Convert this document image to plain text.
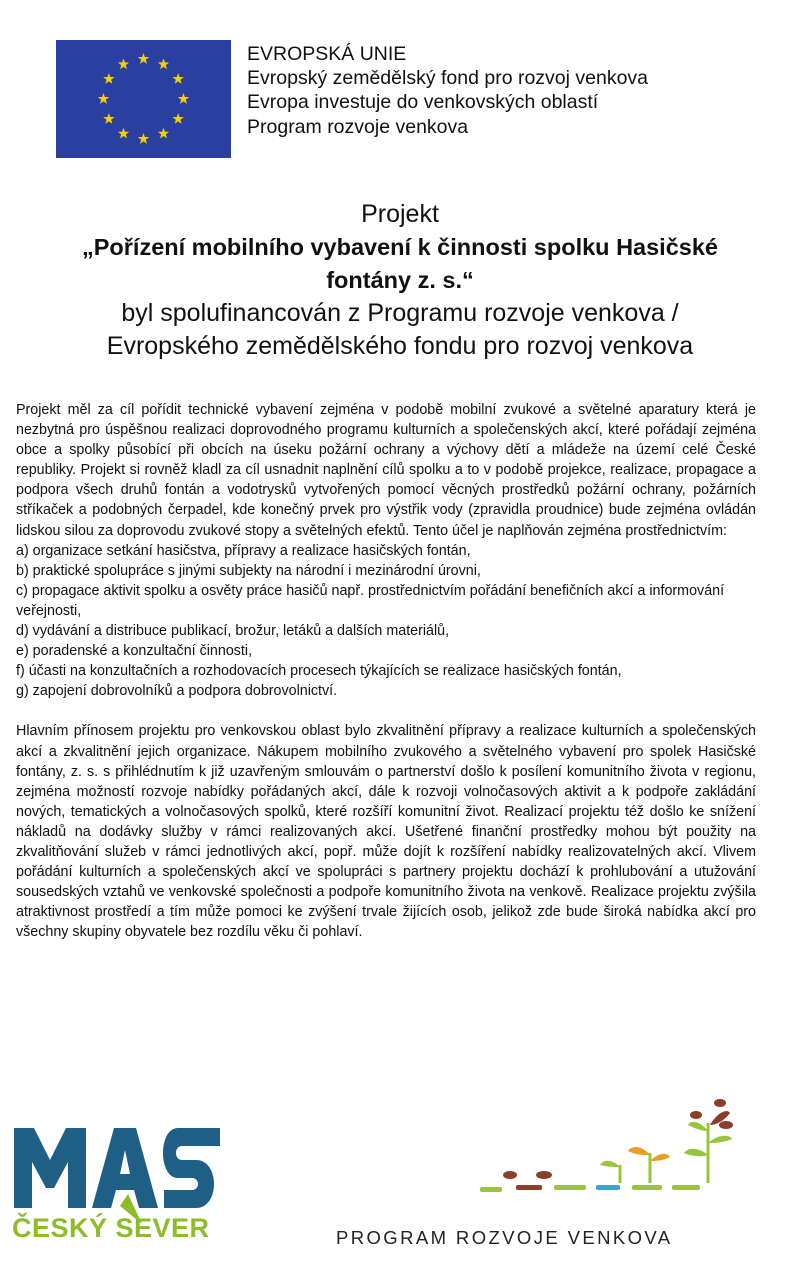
EVROPSKÁ UNIE
Evropský zemědělský fond pro rozvoj venkova
Evropa investuje do venkovských oblastí
Program rozvoje venkova
Projekt
„Pořízení mobilního vybavení k činnosti spolku Hasičské
fontány z. s.“
byl spolufinancován z Programu rozvoje venkova /
Evropského zemědělského fondu pro rozvoj venkova

Projekt měl za cíl pořídit technické vybavení zejména v podobě mobilní zvukové a světelné aparatury která je nezbytná pro úspěšnou realizaci doprovodného programu kulturních a společenských akcí, které pořádají zejména obce a spolky působící při obcích na úseku požární ochrany a výchovy dětí a mládeže na území celé České republiky. Projekt si rovněž kladl za cíl usnadnit naplnění cílů spolku a to v podobě projekce, realizace, propagace a podpora všech druhů fontán a vodotrysků vytvořených pomocí věcných prostředků požární ochrany, požárních stříkaček a podobných čerpadel, kde konečný prvek pro výstřik vody (zpravidla proudnice) bude zejména ovládán lidskou silou za doprovodu zvukové stopy a světelných efektů. Tento účel je naplňován zejména prostřednictvím:

a) organizace setkání hasičstva, přípravy a realizace hasičských fontán,
b) praktické spolupráce s jinými subjekty na národní i mezinárodní úrovni,
c) propagace aktivit spolku a osvěty práce hasičů např. prostřednictvím pořádání benefičních akcí a informování veřejnosti,
d) vydávání a distribuce publikací, brožur, letáků a dalších materiálů,
e) poradenské a konzultační činnosti,
f) účasti na konzultačních a rozhodovacích procesech týkajících se realizace hasičských fontán,
g) zapojení dobrovolníků a podpora dobrovolnictví.

Hlavním přínosem projektu pro venkovskou oblast bylo zkvalitnění přípravy a realizace kulturních a společenských akcí a zkvalitnění jejich organizace. Nákupem mobilního zvukového a světelného vybavení pro spolek Hasičské fontány, z. s. s přihlédnutím k již uzavřeným smlouvám o partnerství došlo k posílení komunitního života v regionu, zejména možností rozvoje nabídky pořádaných akcí, dále k rozvoji volnočasových aktivit a k podpoře zakládání nových, tematických a volnočasových spolků, které rozšíří komunitní život. Realizací projektu též došlo ke snížení nákladů na dodávky služby v rámci realizovaných akcí. Ušetřené finanční prostředky mohou být použity na zkvalitňování služeb v rámci jednotlivých akcí, popř. může dojít k rozšíření nabídky realizovatelných akcí. Vlivem pořádání kulturních a společenských akcí ve spolupráci s partnery projektu dochází k prohlubování a utužování sousedských vztahů ve venkovské společnosti a podpoře komunitního života na venkově. Realizace projektu zvýšila atraktivnost prostředí a tím může pomoci ke zvýšení trvale žijících osob, jelikož zde bude široká nabídka akcí pro všechny skupiny obyvatele bez rozdílu věku či pohlaví.

ČESKÝ SEVER	PROGRAM ROZVOJE VENKOVA
